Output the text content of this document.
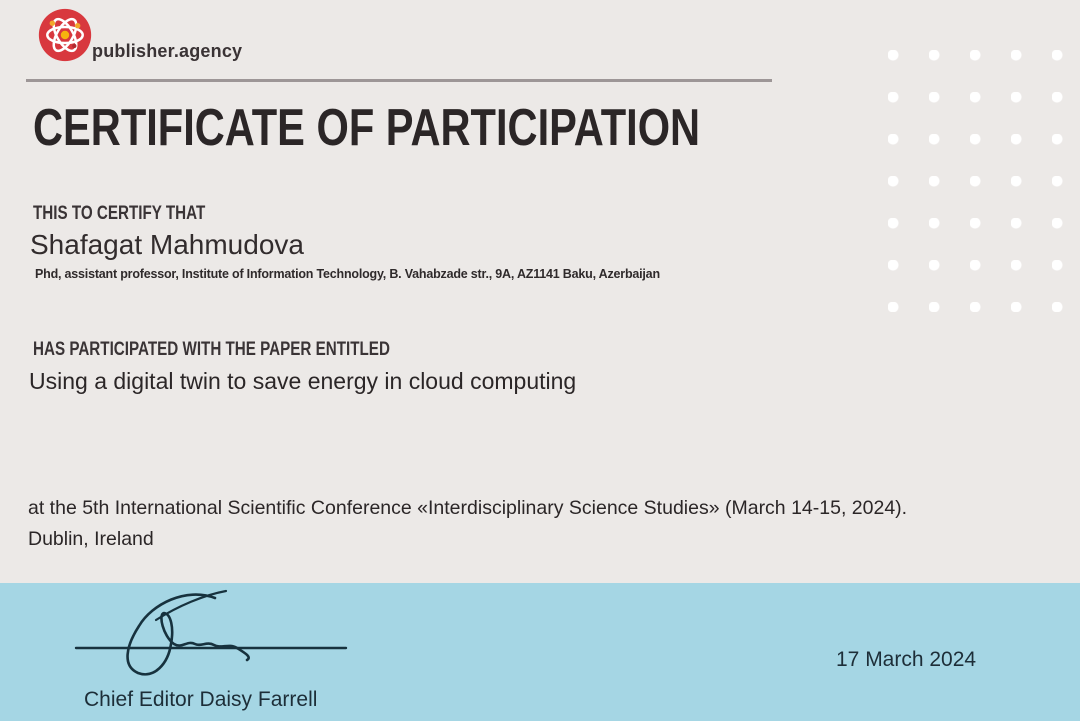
publisher.agency
CERTIFICATE OF PARTICIPATION
THIS TO CERTIFY THAT
Shafagat Mahmudova
Phd, assistant professor, Institute of Information Technology, B. Vahabzade str., 9A, AZ1141 Baku, Azerbaijan
HAS PARTICIPATED WITH THE PAPER ENTITLED
Using a digital twin to save energy in cloud computing
at the 5th International Scientific Conference «Interdisciplinary Science Studies» (March 14-15, 2024). Dublin, Ireland
Chief Editor Daisy Farrell
17 March 2024
